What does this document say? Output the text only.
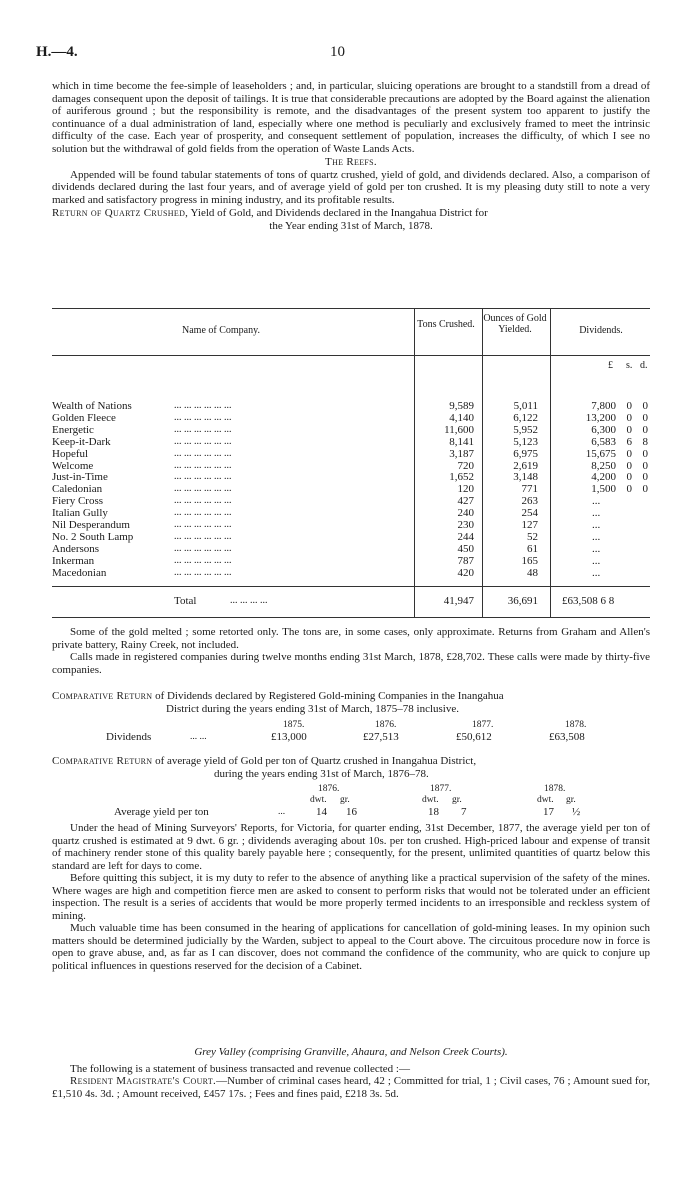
H.—4.	10

which in time become the fee-simple of leaseholders ; and, in particular, sluicing operations are brought to a standstill from a dread of damages consequent upon the deposit of tailings. It is true that considerable precautions are adopted by the Board against the alienation of auriferous ground ; but the responsibility is remote, and the disadvantages of the present system too apparent to justify the continuance of a dual administration of land, especially where one method is peculiarly and exclusively framed to meet the intrinsic difficulty of the case. Each year of prosperity, and consequent settlement of population, increases the difficulty, of which I see no solution but the withdrawal of gold fields from the operation of Waste Lands Acts.

The Reefs.

Appended will be found tabular statements of tons of quartz crushed, yield of gold, and dividends declared. Also, a comparison of dividends declared during the last four years, and of average yield of gold per ton crushed. It is my pleasing duty still to note a very marked and satisfactory progress in mining industry, and its profitable results.

Return of Quartz Crushed, Yield of Gold, and Dividends declared in the Inangahua District for

the Year ending 31st of March, 1878.

Name of Company.
Tons Crushed.
Ounces of Gold Yielded.	Dividends.
£ s. d.
Wealth of Nations	... ... ... ... ... ...	9,589	5,011	7,800 0 0
Golden Fleece	... ... ... ... ... ...	4,140	6,122	13,200 0 0
Energetic	... ... ... ... ... ...	11,600	5,952	6,300 0 0
Keep-it-Dark	... ... ... ... ... ...	8,141	5,123	6,583 6 8
Hopeful	... ... ... ... ... ...	3,187	6,975	15,675 0 0
Welcome	... ... ... ... ... ...	720	2,619	8,250 0 0
Just-in-Time	... ... ... ... ... ...	1,652	3,148	4,200 0 0
Caledonian	... ... ... ... ... ...	120	771	1,500 0 0
Fiery Cross	... ... ... ... ... ...	427	263	...
Italian Gully	... ... ... ... ... ...	240	254	...
Nil Desperandum	... ... ... ... ... ...	230	127	...
No. 2 South Lamp	... ... ... ... ... ...	244	52	...
Andersons	... ... ... ... ... ...	450	61	...
Inkerman	... ... ... ... ... ...	787	165	...
Macedonian	... ... ... ... ... ...	420	48	...
Total	... ... ... ...	41,947	36,691 £63,508 6 8

Some of the gold melted ; some retorted only. The tons are, in some cases, only approximate. Returns from Graham and Allen's private battery, Rainy Creek, not included.

Calls made in registered companies during twelve months ending 31st March, 1878, £28,702. These calls were made by thirty-five companies.

Comparative Return of Dividends declared by Registered Gold-mining Companies in the Inangahua

District during the years ending 31st of March, 1875–78 inclusive.

1875.	1876.	1877.	1878.
Dividends	... ...	£13,000	£27,513	£50,612	£63,508

Comparative Return of average yield of Gold per ton of Quartz crushed in Inangahua District,

during the years ending 31st of March, 1876–78.

1876.	1877.	1878.
dwt. gr.	dwt. gr.	dwt. gr.
Average yield per ton	...	14 16	18 7	17 ½

Under the head of Mining Surveyors' Reports, for Victoria, for quarter ending, 31st December, 1877, the average yield per ton of quartz crushed is estimated at 9 dwt. 6 gr. ; dividends averaging about 10s. per ton crushed. High-priced labour and expense of transit of machinery render stone of this quality barely payable here ; consequently, for the present, unlimited quantities of quartz below this standard are left for days to come.

Before quitting this subject, it is my duty to refer to the absence of anything like a practical supervision of the safety of the mines. Where wages are high and competition fierce men are asked to consent to perform risks that would not be tolerated under an efficient inspection. The result is a series of accidents that would be more properly termed incidents to an irresponsible and reckless system of mining.

Much valuable time has been consumed in the hearing of applications for cancellation of gold-mining leases. In my opinion such matters should be determined judicially by the Warden, subject to appeal to the Court above. The circuitous procedure now in force is open to grave abuse, and, as far as I can discover, does not command the confidence of the community, who are quick to conjure up political influences in questions reserved for the decision of a Cabinet.

Grey Valley (comprising Granville, Ahaura, and Nelson Creek Courts).

The following is a statement of business transacted and revenue collected :—

Resident Magistrate's Court.—Number of criminal cases heard, 42 ; Committed for trial, 1 ; Civil cases, 76 ; Amount sued for, £1,510 4s. 3d. ; Amount received, £457 17s. ; Fees and fines paid, £218 3s. 5d.
